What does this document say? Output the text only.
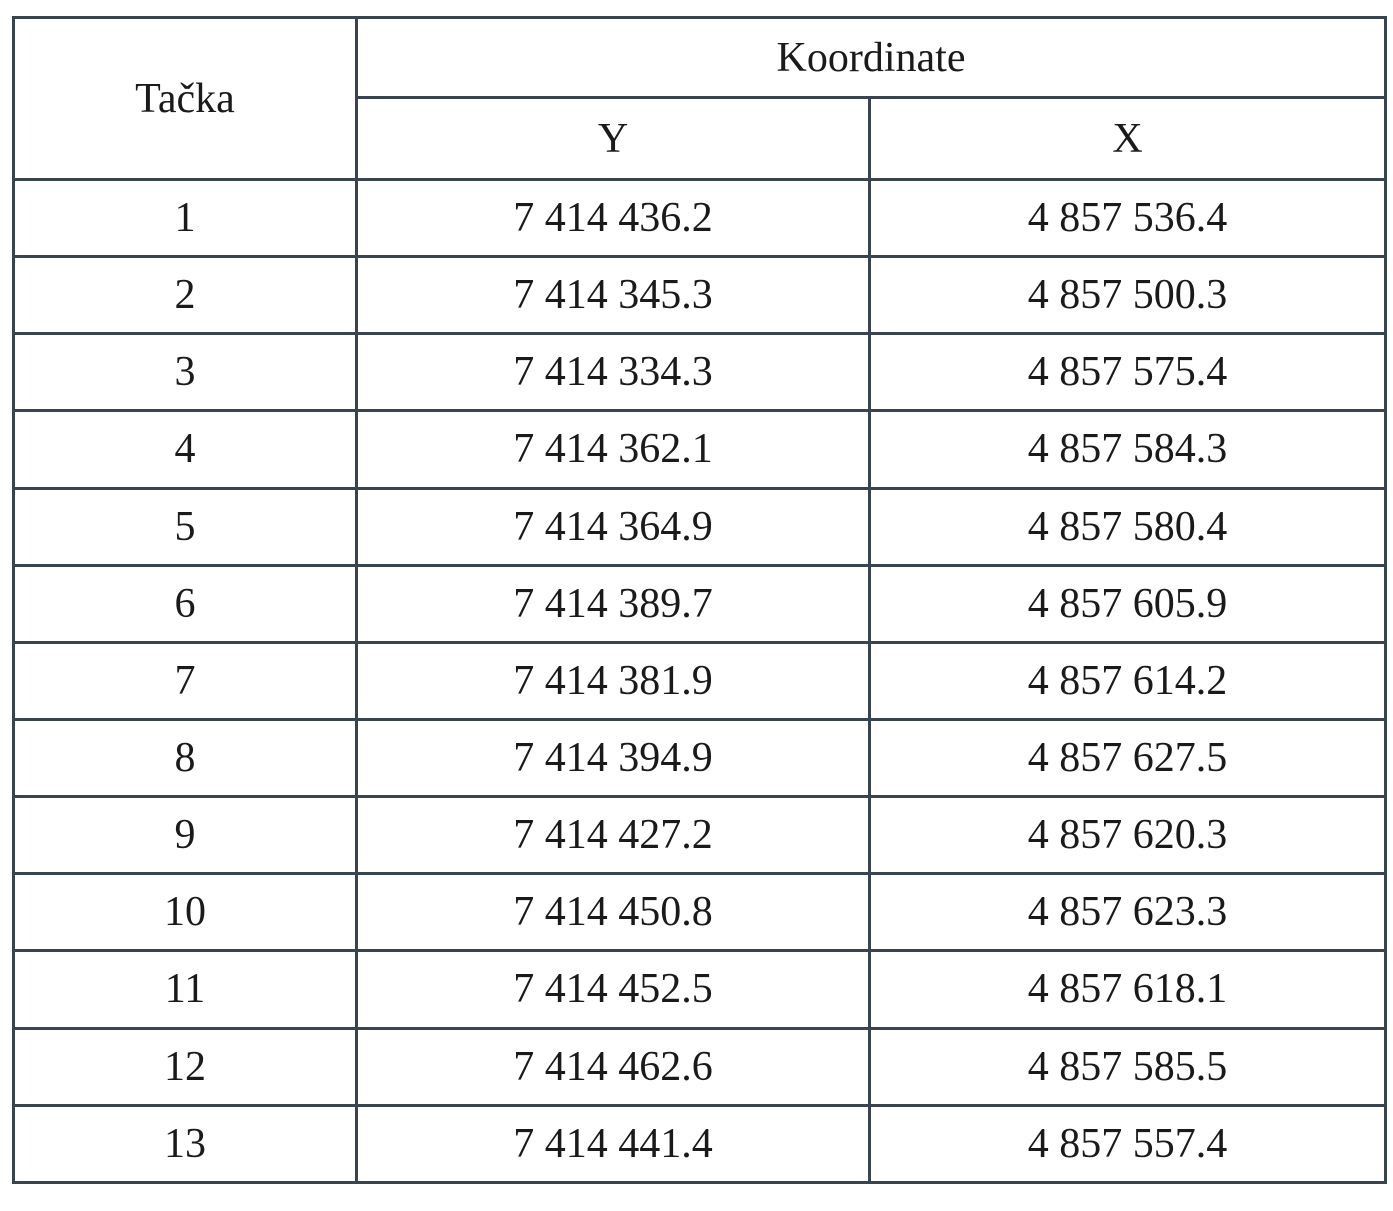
Tačka	Koordinate	
	Y	X
1	7 414 436.2	4 857 536.4
2	7 414 345.3	4 857 500.3
3	7 414 334.3	4 857 575.4
4	7 414 362.1	4 857 584.3
5	7 414 364.9	4 857 580.4
6	7 414 389.7	4 857 605.9
7	7 414 381.9	4 857 614.2
8	7 414 394.9	4 857 627.5
9	7 414 427.2	4 857 620.3
10	7 414 450.8	4 857 623.3
11	7 414 452.5	4 857 618.1
12	7 414 462.6	4 857 585.5
13	7 414 441.4	4 857 557.4
